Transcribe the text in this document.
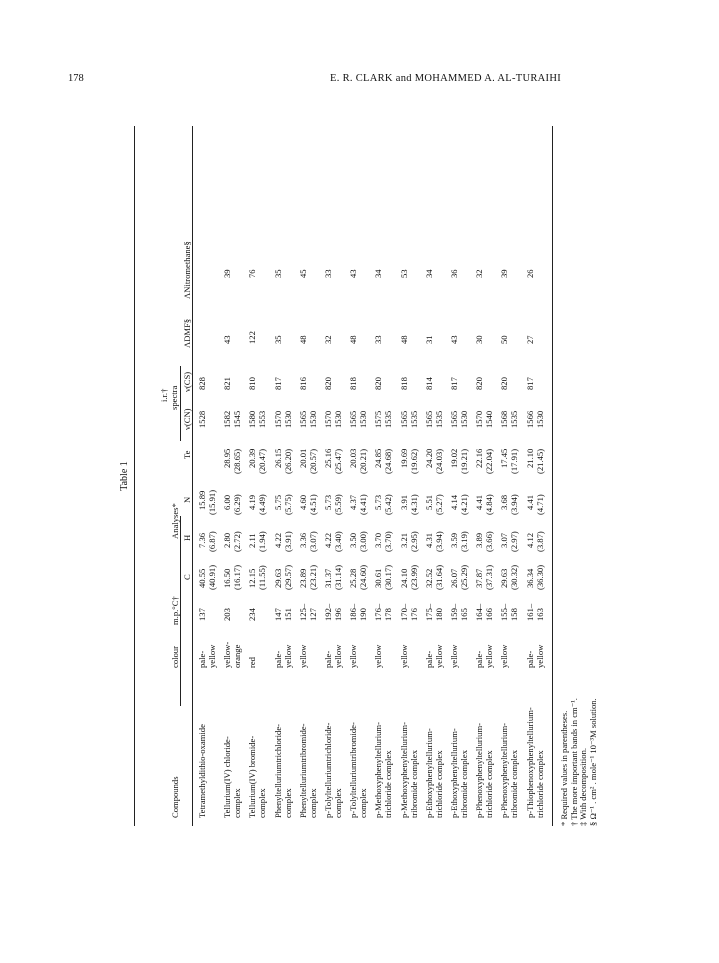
178	E. R. CLARK and MOHAMMED A. AL-TURAIHI
Table 1
Compounds
colour
m.p.°C†
Analyses*
C
H
N
Te
i.r.† spectra
ν(CN)
ν(CS)
ΛDMF§
ΛNitromethane§
Tetramethyldithio-oxamide
pale- yellow
137
40.55 (40.91)
7.36 (6.87)
15.89 (15.91)
1528
828
Tellurium(IV) chloride- complex
yellow- orange
203
16.50 (16.17)
2.80 (2.72)
6.00 (6.29)
28.95 (28.65)
1582 1545
821
43
39
Tellurium(IV) bromide- complex
red
234
12.15 (11.55)
2.11 (1.94)
4.19 (4.49)
20.39 (20.47)
1580 1553
810
122
76
Phenyltelluriumtrichloride- complex
pale- yellow
147 151
29.63 (29.57)
4.22 (3.91)
5.75 (5.75)
26.15 (26.20)
1570 1530
817
35
35
Phenyltelluriumtribromide- complex
yellow
125– 127
23.89 (23.21)
3.36 (3.07)
4.60 (4.51)
20.01 (20.57)
1565 1530
816
48
45
p-Tolyltelluriumtrichloride- complex
pale- yellow
192– 196
31.37 (31.14)
4.22 (3.40)
5.73 (5.59)
25.16 (25.47)
1570 1530
820
32
33
p-Tolyltelluriumtribromide- complex
yellow
186– 190
25.28 (24.60)
3.50 (3.00)
4.37 (4.41)
20.03 (20.21)
1565 1530
818
48
43
p-Methoxyphenyltellurium- trichloride complex
yellow
176– 178
30.61 (30.17)
3.70 (3.70)
5.73 (5.42)
24.85 (24.68)
1575 1535
820
33
34
p-Methoxyphenyltellurium- tribromide complex
yellow
170– 176
24.10 (23.99)
3.21 (2.95)
3.91 (4.31)
19.69 (19.62)
1565 1535
818
48
53
p-Ethoxyphenyltellurium- trichloride complex
pale- yellow
175– 180
32.52 (31.64)
4.31 (3.94)
5.51 (5.27)
24.20 (24.03)
1565 1535
814
31
34
p-Ethoxyphenyltellurium- tribromide complex
yellow
159– 165
26.07 (25.29)
3.59 (3.19)
4.14 (4.21)
19.02 (19.21)
1565 1530
817
43
36
p-Phenoxyphenyltellurium- trichloride complex
pale- yellow
164– 166
37.87 (37.31)
3.89 (3.66)
4.41 (4.84)
22.16 (22.04)
1570 1540
820
30
32
p-Phenoxyphenyltellurium- tribromide complex
yellow
155– 158
29.63 (30.32)
3.07 (2.97)
3.68 (3.94)
17.45 (17.91)
1568 1535
820
50
39
p-Thiophenoxyphenyltellurium- trichloride complex
pale- yellow
161– 163
36.34 (36.30)
4.12 (3.87)
4.41 (4.71)
21.10 (21.45)
1566 1530
817
27
26
* Required values in parentheses. † The more important bands in cm⁻¹. ‡ With decomposition. § Ω⁻¹ . cm² . mole⁻¹ 10⁻³M solution.
